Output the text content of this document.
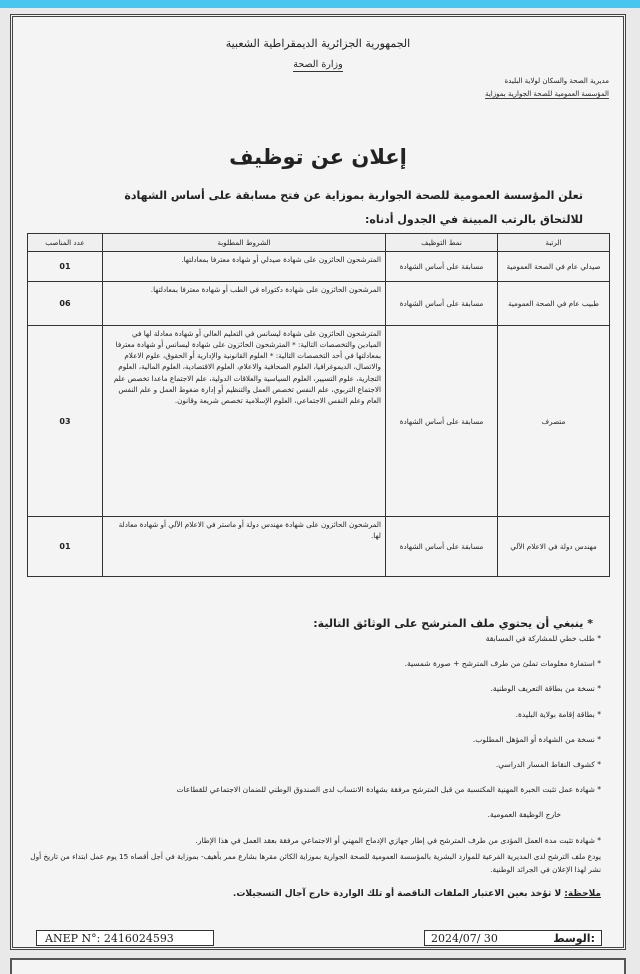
الجمهورية الجزائرية الديمقراطية الشعبية
وزارة الصحة
مديرية الصحة والسكان لولاية البليدة
المؤسسة العمومية للصحة الجوارية بموزاية
إعلان عن توظيف
تعلن المؤسسة العمومية للصحة الجوارية بموزاية عن فتح مسابقة على أساس الشهادة
للالتحاق بالرتب المبينة في الجدول أدناه:
الرتبة	نمط التوظيف	الشروط المطلوبة	عدد المناصب
صيدلي عام في الصحة العمومية	مسابقة على أساس الشهادة	المترشحون الحائزون على شهادة صيدلي أو شهادة معترفا بمعادلتها.	01
طبيب عام في الصحة العمومية	مسابقة على أساس الشهادة	المرشحون الحائزون على شهادة دكتوراه في الطب أو شهادة معترفا بمعادلتها.	06
متصرف	مسابقة على أساس الشهادة	المترشحون الحائزون على شهادة ليسانس في التعليم العالي أو شهادة معادلة لها في الميادين والتخصصات التالية: * المترشحون الحائزون على شهادة ليسانس أو شهادة معترفا بمعادلتها في أحد التخصصات التالية: * العلوم القانونية والإدارية أو الحقوق، علوم الاعلام والاتصال، الديموغرافيا، العلوم الصحافية والاعلام، العلوم الاقتصادية، العلوم المالية، العلوم التجارية، علوم التسيير، العلوم السياسية والعلاقات الدولية، علم الاجتماع ماعدا تخصص علم الاجتماع التربوي، علم النفس تخصص العمل والتنظيم أو إدارة ضغوط العمل و علم النفس العام وعلم النفس الاجتماعي، العلوم الإسلامية تخصص شريعة وقانون.	03
مهندس دولة في الاعلام الآلي	مسابقة على أساس الشهادة	المرشحون الحائزون على شهادة مهندس دولة أو ماستر في الاعلام الآلي أو شهادة معادلة لها.	01
* ينبغي أن يحتوي ملف المترشح على الوثائق التالية:
* طلب خطي للمشاركة في المسابقة
* استمارة معلومات تملئ من طرف المترشح + صورة شمسية.
* نسخة من بطاقة التعريف الوطنية.
* بطاقة إقامة بولاية البليدة.
* نسخة من الشهادة أو المؤهل المطلوب.
* كشوف النقاط المسار الدراسي.
* شهادة عمل تثبت الخبرة المهنية المكتسبة من قبل المترشح مرفقة بشهادة الانتساب لدى الصندوق الوطني للضمان الاجتماعي للقطاعات
خارج الوظيفة العمومية.
* شهادة تثبت مدة العمل المؤدى من طرف المترشح في إطار جهازي الإدماج المهني أو الاجتماعي مرفقة بعقد العمل في هذا الإطار.
يودع ملف الترشح لدى المديرية الفرعية للموارد البشرية بالمؤسسة العمومية للصحة الجوارية بموزاية الكائن مقرها بشارع ممر بأهيف- بموزاية في أجل أقصاه 15 يوم عمل ابتداء من تاريخ أول نشر لهذا الإعلان في الجرائد الوطنية.
ملاحظة: لا تؤخذ بعين الاعتبار الملفات الناقصة أو تلك الواردة خارج آجال التسجيلات.
ANEP N°: 2416024593	2024/07/ 30	الوسط:
